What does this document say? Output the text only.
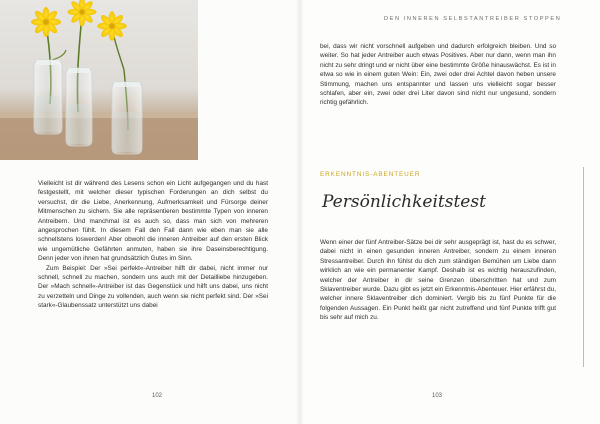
Vielleicht ist dir während des Lesens schon ein Licht aufgegangen und du hast festgestellt, mit welcher dieser typischen Forderungen an dich selbst du versuchst, dir die Liebe, Anerkennung, Aufmerksamkeit und Fürsorge deiner Mitmenschen zu sichern. Sie alle repräsentieren bestimmte Typen von inneren Antreibern. Und manchmal ist es auch so, dass man sich von mehreren angesprochen fühlt. In diesem Fall den Fall dann wie eben man sie alle schnellstens loswerden! Aber obwohl die inneren Antreiber auf den ersten Blick wie ungemütliche Gefährten anmuten, haben sie ihre Daseinsberechtigung. Denn jeder von ihnen hat grundsätzlich Gutes im Sinn.

Zum Beispiel: Der »Sei perfekt«-Antreiber hilft dir dabei, nicht immer nur schnell, schnell zu machen, sondern uns auch mit der Detailliebe hinzugeben. Der »Mach schnell«-Antreiber ist das Gegenstück und hilft uns dabei, uns nicht zu verzetteln und Dinge zu vollenden, auch wenn sie nicht perfekt sind. Der »Sei stark«-Glaubenssatz unterstützt uns dabei

102
DEN INNEREN SELBSTANTREIBER STOPPEN

bei, dass wir nicht vorschnell aufgeben und dadurch erfolgreich bleiben. Und so weiter. So hat jeder Antreiber auch etwas Positives. Aber nur dann, wenn man ihn nicht zu sehr dringt und er nicht über eine bestimmte Größe hinauswächst. Es ist in etwa so wie in einem guten Wein: Ein, zwei oder drei Achtel davon heben unsere Stimmung, machen uns entspannter und lassen uns vielleicht sogar besser schlafen, aber ein, zwei oder drei Liter davon sind nicht nur ungesund, sondern richtig gefährlich.

ERKENNTNIS-ABENTEUER
Persönlichkeitstest

Wenn einer der fünf Antreiber-Sätze bei dir sehr ausgeprägt ist, hast du es schwer, dabei nicht in einen gesunden inneren Antreiber, sondern zu einem inneren Stressantreiber. Durch ihn fühlst du dich zum ständigen Bemühen um Liebe dann wirklich an wie ein permanenter Kampf. Deshalb ist es wichtig herauszufinden, welcher der Antreiber in dir seine Grenzen überschritten hat und zum Sklaventreiber wurde. Dazu gibt es jetzt ein Erkenntnis-Abenteuer. Hier erfährst du, welcher innere Sklaventreiber dich dominiert. Vergib bis zu fünf Punkte für die folgenden Aussagen. Ein Punkt heißt gar nicht zutreffend und fünf Punkte trifft gut bis sehr auf mich zu.

103
